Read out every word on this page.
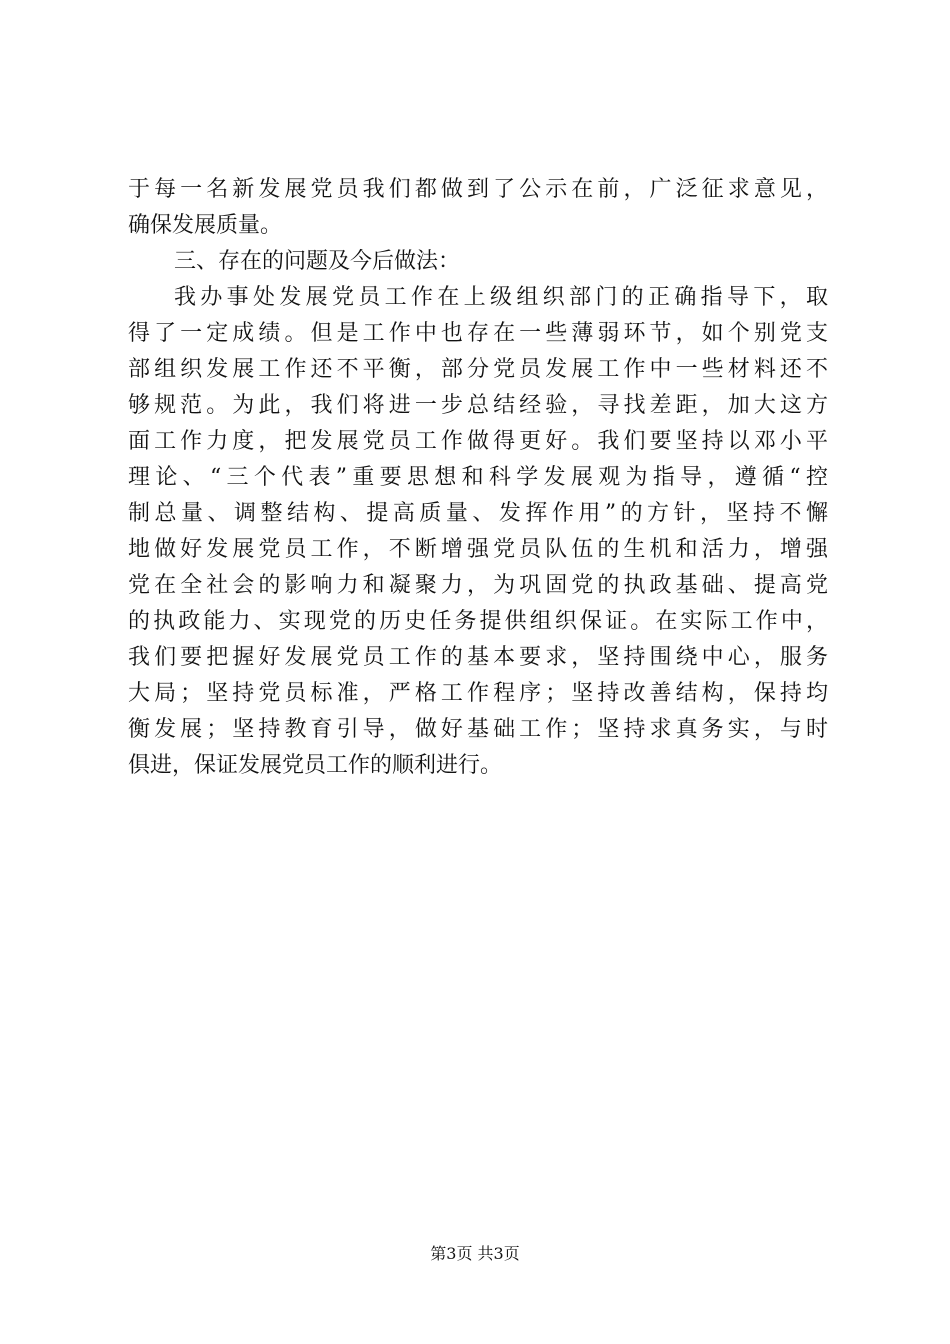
于每一名新发展党员我们都做到了公示在前，广泛征求意见，
确保发展质量。
三、存在的问题及今后做法：
我办事处发展党员工作在上级组织部门的正确指导下，取
得了一定成绩。但是工作中也存在一些薄弱环节，如个别党支
部组织发展工作还不平衡，部分党员发展工作中一些材料还不
够规范。为此，我们将进一步总结经验，寻找差距，加大这方
面工作力度，把发展党员工作做得更好。我们要坚持以邓小平
理论、“三个代表”重要思想和科学发展观为指导，遵循“控
制总量、调整结构、提高质量、发挥作用”的方针，坚持不懈
地做好发展党员工作，不断增强党员队伍的生机和活力，增强
党在全社会的影响力和凝聚力，为巩固党的执政基础、提高党
的执政能力、实现党的历史任务提供组织保证。在实际工作中，
我们要把握好发展党员工作的基本要求，坚持围绕中心，服务
大局；坚持党员标准，严格工作程序；坚持改善结构，保持均
衡发展；坚持教育引导，做好基础工作；坚持求真务实，与时
俱进，保证发展党员工作的顺利进行。
第3页 共3页
